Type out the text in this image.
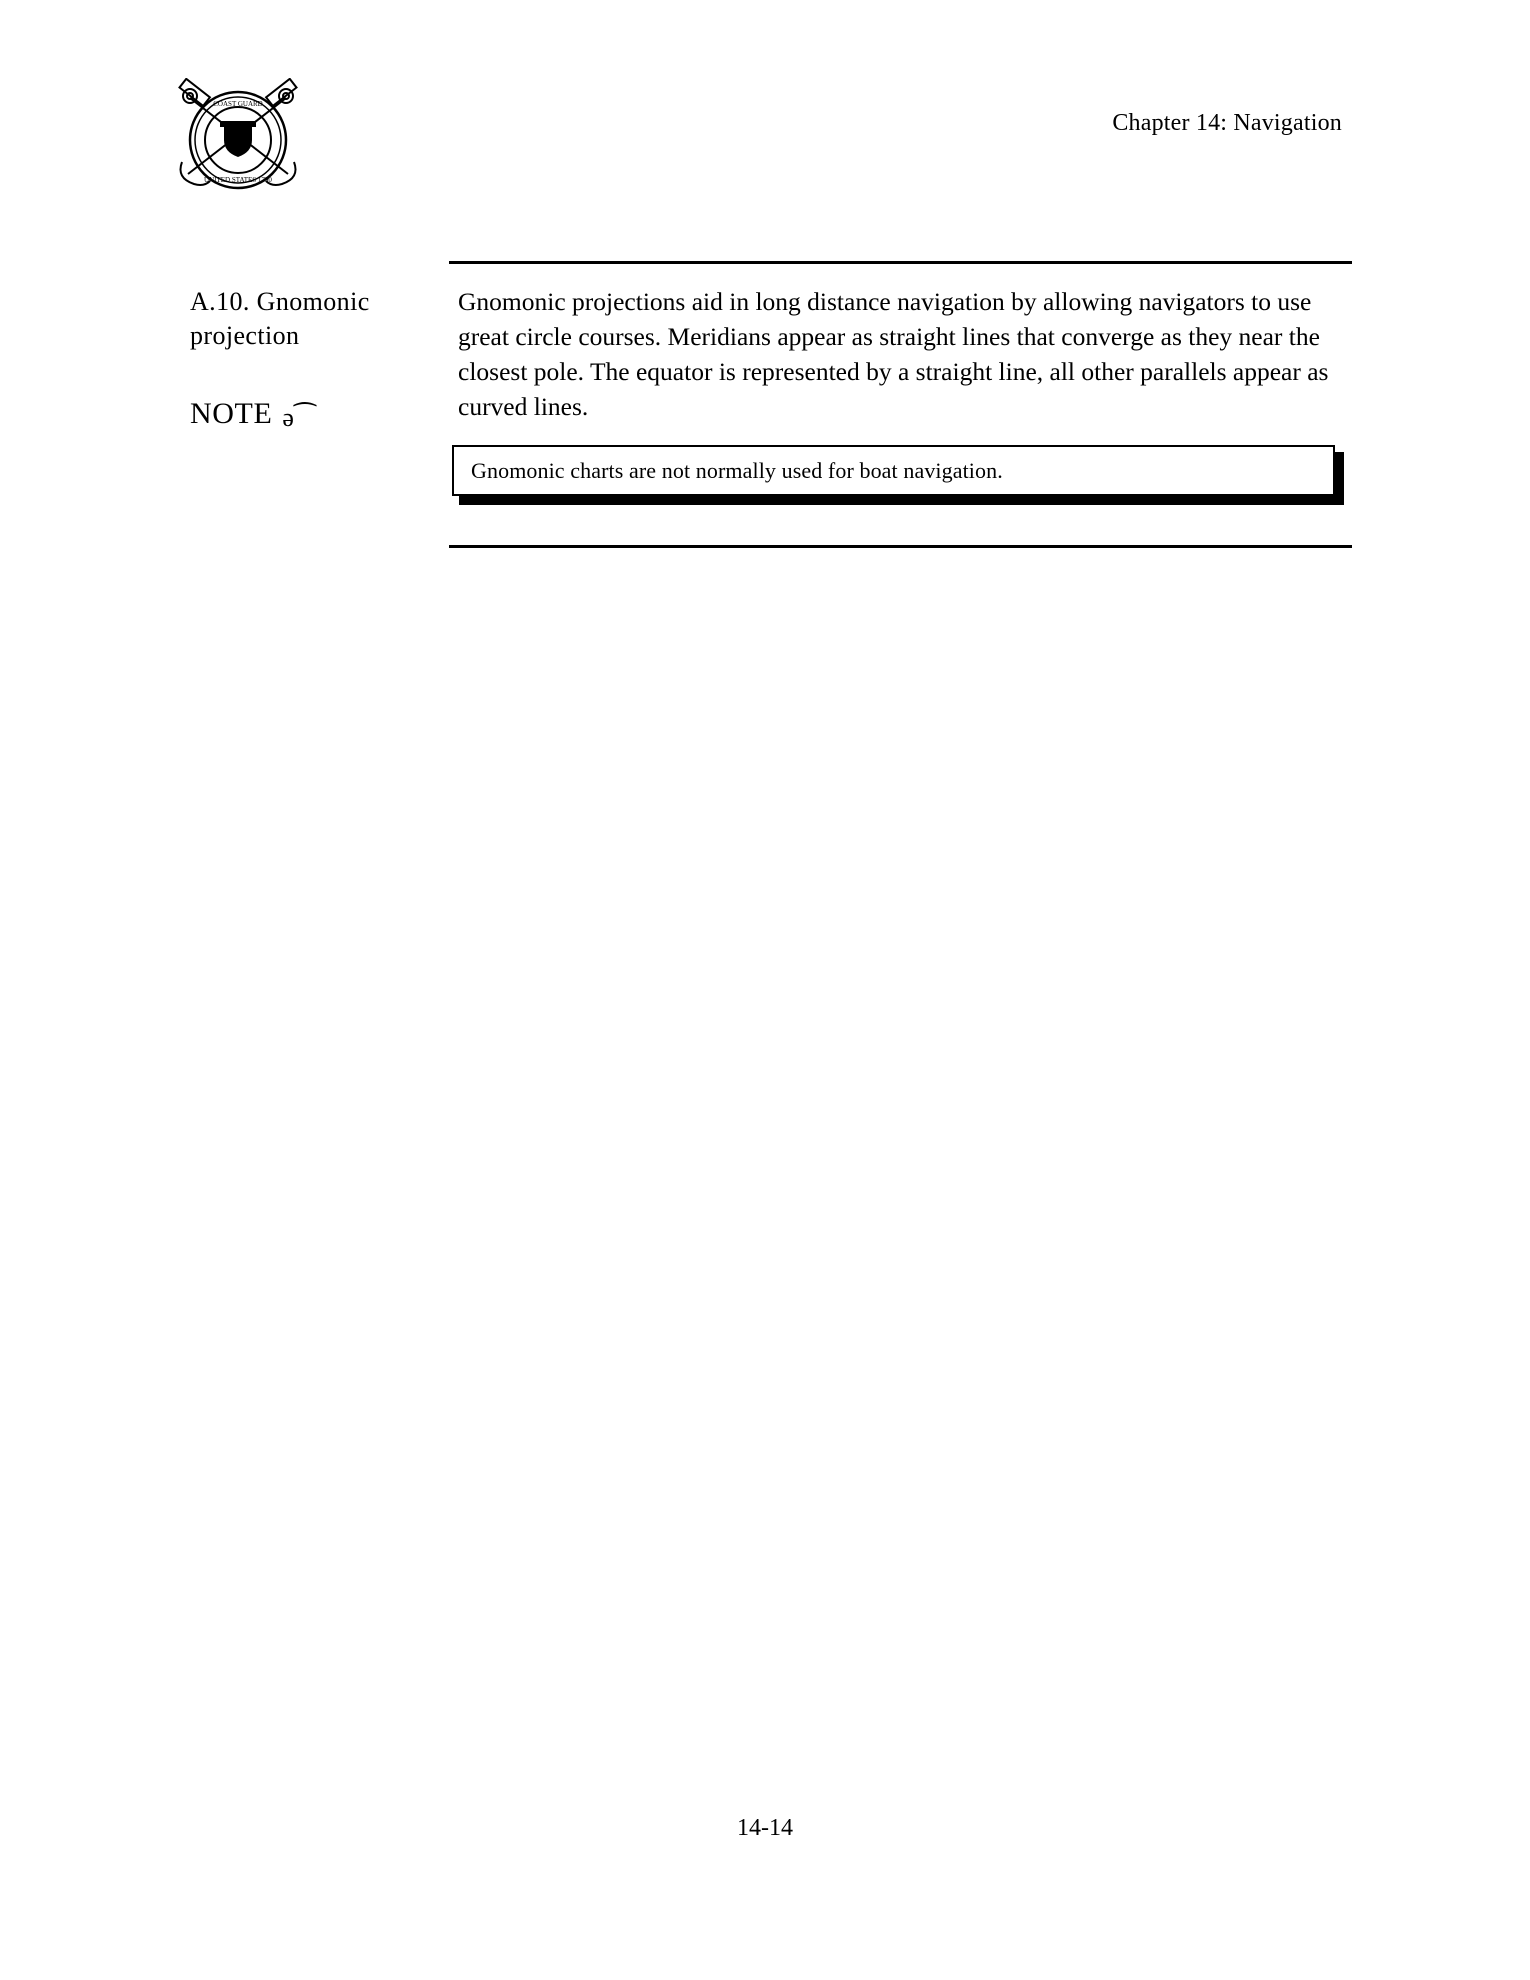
COAST GUARD
UNITED STATES 1790
Chapter 14: Navigation
A.10. Gnomonic projection
NOTE ə⁀
Gnomonic projections aid in long distance navigation by allowing navigators to use great circle courses. Meridians appear as straight lines that converge as they near the closest pole. The equator is represented by a straight line, all other parallels appear as curved lines.
Gnomonic charts are not normally used for boat navigation.
14-14
